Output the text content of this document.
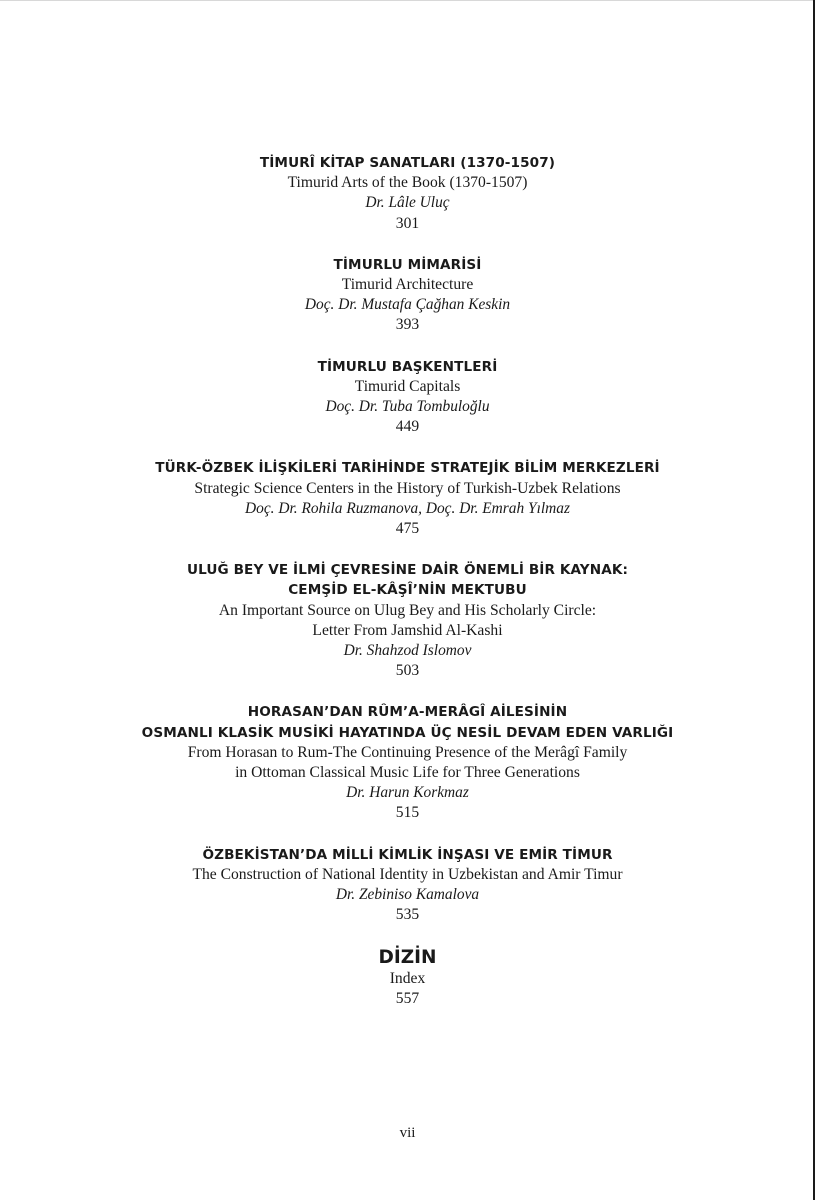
TİMURÎ KİTAP SANATLARI (1370-1507)
Timurid Arts of the Book (1370-1507)
Dr. Lâle Uluç
301
TİMURLU MİMARİSİ
Timurid Architecture
Doç. Dr. Mustafa Çağhan Keskin
393
TİMURLU BAŞKENTLERİ
Timurid Capitals
Doç. Dr. Tuba Tombuloğlu
449
TÜRK-ÖZBEK İLİŞKİLERİ TARİHİNDE STRATEJİK BİLİM MERKEZLERİ
Strategic Science Centers in the History of Turkish-Uzbek Relations
Doç. Dr. Rohila Ruzmanova, Doç. Dr. Emrah Yılmaz
475
ULUĞ BEY VE İLMİ ÇEVRESİNE DAİR ÖNEMLİ BİR KAYNAK:
CEMŞİD EL-KÂŞÎ’NİN MEKTUBU
An Important Source on Ulug Bey and His Scholarly Circle:
Letter From Jamshid Al-Kashi
Dr. Shahzod Islomov
503
HORASAN’DAN RÛM’A-MERÂGÎ AİLESİNİN
OSMANLI KLASİK MUSİKİ HAYATINDA ÜÇ NESİL DEVAM EDEN VARLIĞI
From Horasan to Rum-The Continuing Presence of the Merâgî Family
in Ottoman Classical Music Life for Three Generations
Dr. Harun Korkmaz
515
ÖZBEKİSTAN’DA MİLLİ KİMLİK İNŞASI VE EMİR TİMUR
The Construction of National Identity in Uzbekistan and Amir Timur
Dr. Zebiniso Kamalova
535
DİZİN
Index
557
vii
